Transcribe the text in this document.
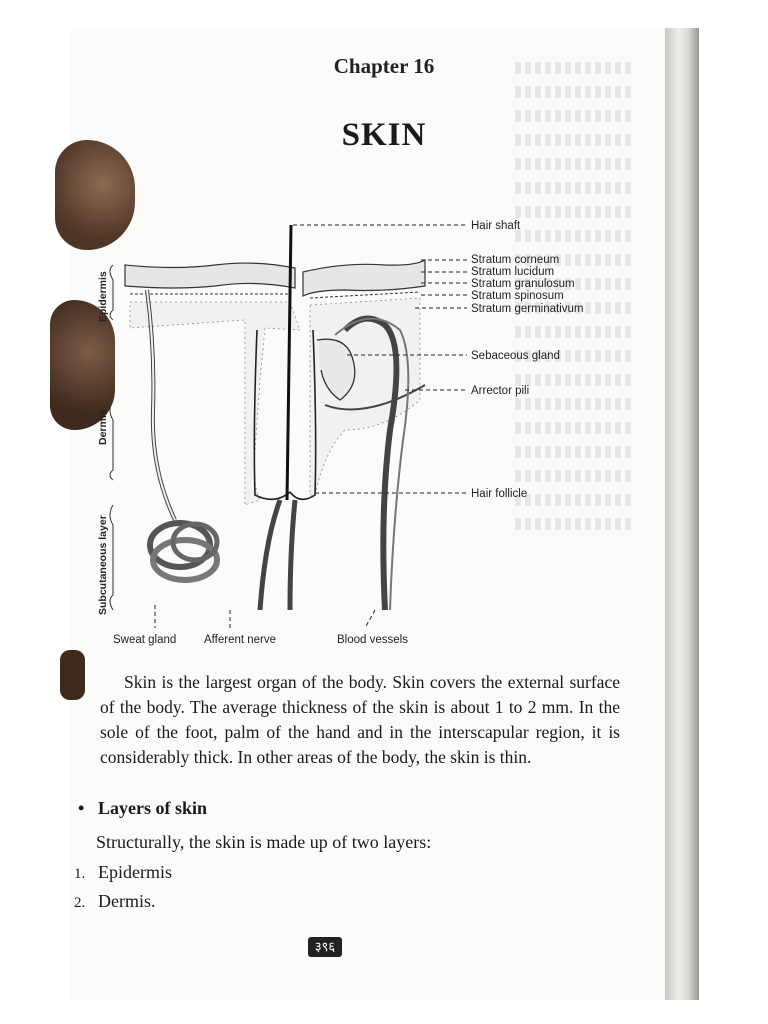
Chapter 16
SKIN
Epidermis
Dermis
Subcutaneous layer
Hair shaft
Stratum corneum
Stratum lucidum
Stratum granulosum
Stratum spinosum
Stratum germinativum
Sebaceous gland
Arrector pili
Hair follicle
Sweat gland Afferent nerve	Blood vessels

Skin is the largest organ of the body. Skin covers the external surface of the body. The average thickness of the skin is about 1 to 2 mm. In the sole of the foot, palm of the hand and in the interscapular region, it is considerably thick. In other areas of the body, the skin is thin.

• Layers of skin
Structurally, the skin is made up of two layers:
1. Epidermis
2. Dermis.
३९६
